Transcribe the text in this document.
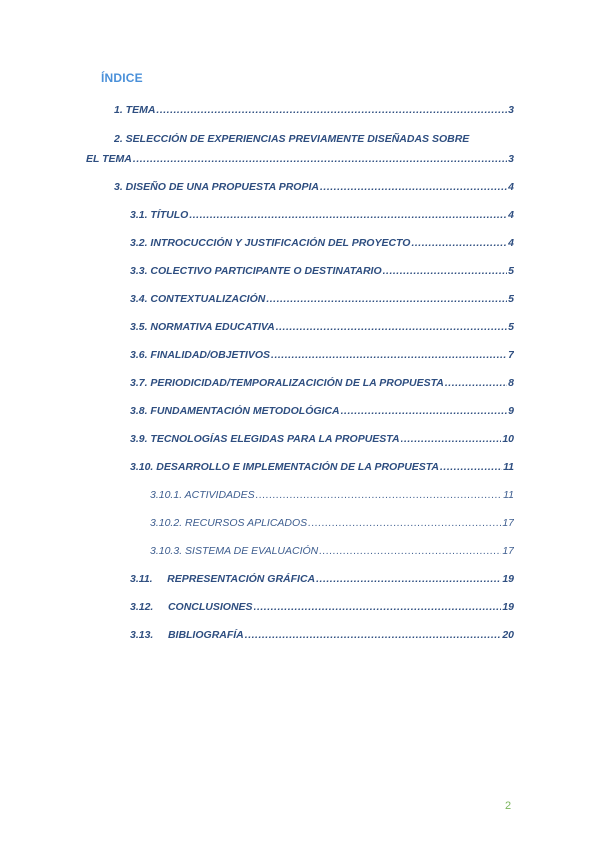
ÍNDICE
1. TEMA .....	3
2. SELECCIÓN DE EXPERIENCIAS PREVIAMENTE DISEÑADAS SOBRE
EL TEMA .....	3
3. DISEÑO DE UNA PROPUESTA PROPIA .....	4
3.1. TÍTULO .....	4
3.2. INTROCUCCIÓN Y JUSTIFICACIÓN DEL PROYECTO .....	4
3.3. COLECTIVO PARTICIPANTE O DESTINATARIO .....	5
3.4. CONTEXTUALIZACIÓN .....	5
3.5. NORMATIVA EDUCATIVA .....	5
3.6. FINALIDAD/OBJETIVOS .....	7
3.7. PERIODICIDAD/TEMPORALIZACICIÓN DE LA PROPUESTA .....	8
3.8. FUNDAMENTACIÓN METODOLÓGICA .....	9
3.9. TECNOLOGÍAS ELEGIDAS PARA LA PROPUESTA .....	10
3.10. DESARROLLO E IMPLEMENTACIÓN DE LA PROPUESTA .....	11
3.10.1. ACTIVIDADES .....	11
3.10.2. RECURSOS APLICADOS .....	17
3.10.3. SISTEMA DE EVALUACIÓN .....	17
3.11.     REPRESENTACIÓN GRÁFICA .....	19
3.12.     CONCLUSIONES .....	19
3.13.     BIBLIOGRAFÍA .....	20
2
